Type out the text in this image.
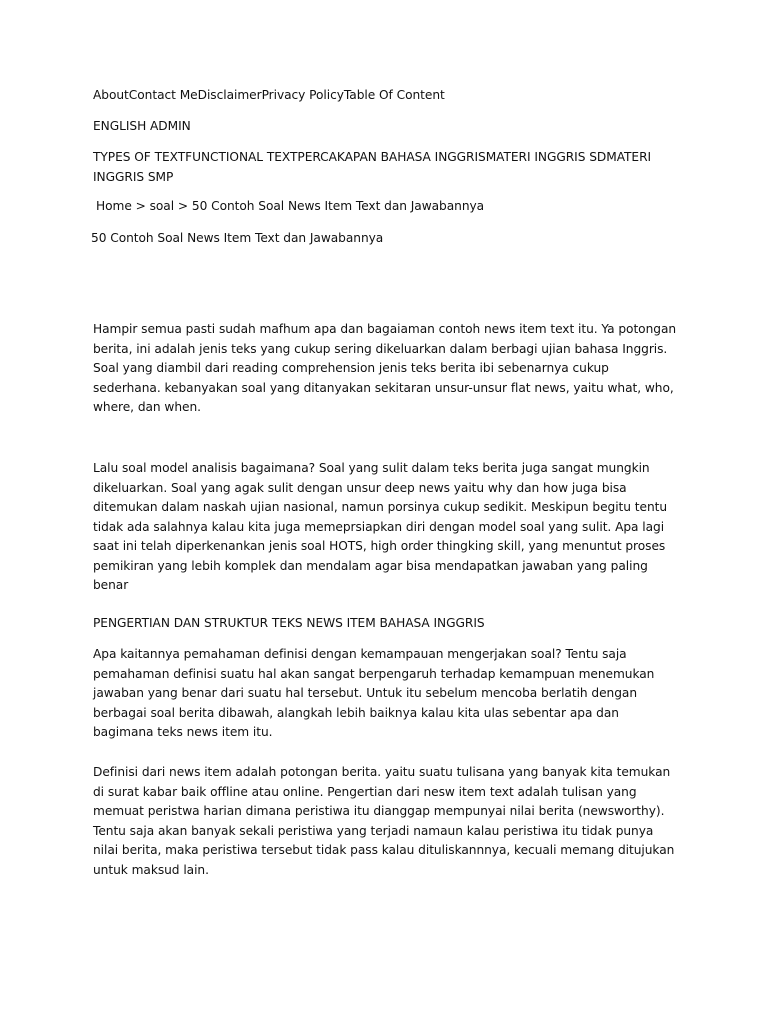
AboutContact MeDisclaimerPrivacy PolicyTable Of Content

ENGLISH ADMIN

TYPES OF TEXTFUNCTIONAL TEXTPERCAKAPAN BAHASA INGGRISMATERI INGGRIS SDMATERI INGGRIS SMP

Home > soal > 50 Contoh Soal News Item Text dan Jawabannya

50 Contoh Soal News Item Text dan Jawabannya

Hampir semua pasti sudah mafhum apa dan bagaiaman contoh news item text itu. Ya potongan berita, ini adalah jenis teks yang cukup sering dikeluarkan dalam berbagi ujian bahasa Inggris. Soal yang diambil dari reading comprehension jenis teks berita ibi sebenarnya cukup sederhana. kebanyakan soal yang ditanyakan sekitaran unsur-unsur flat news, yaitu what, who, where, dan when.

Lalu soal model analisis bagaimana? Soal yang sulit dalam teks berita juga sangat mungkin dikeluarkan. Soal yang agak sulit dengan unsur deep news yaitu why dan how juga bisa ditemukan dalam naskah ujian nasional, namun porsinya cukup sedikit. Meskipun begitu tentu tidak ada salahnya kalau kita juga memeprsiapkan diri dengan model soal yang sulit. Apa lagi saat ini telah diperkenankan jenis soal HOTS, high order thingking skill, yang menuntut proses pemikiran yang lebih komplek dan mendalam agar bisa mendapatkan jawaban yang paling benar

PENGERTIAN DAN STRUKTUR TEKS NEWS ITEM BAHASA INGGRIS

Apa kaitannya pemahaman definisi dengan kemampauan mengerjakan soal? Tentu saja pemahaman definisi suatu hal akan sangat berpengaruh terhadap kemampuan menemukan jawaban yang benar dari suatu hal tersebut. Untuk itu sebelum mencoba berlatih dengan berbagai soal berita dibawah, alangkah lebih baiknya kalau kita ulas sebentar apa dan bagimana teks news item itu.

Definisi dari news item adalah potongan berita. yaitu suatu tulisana yang banyak kita temukan di surat kabar baik offline atau online. Pengertian dari nesw item text adalah tulisan yang memuat peristwa harian dimana peristiwa itu dianggap mempunyai nilai berita (newsworthy). Tentu saja akan banyak sekali peristiwa yang terjadi namaun kalau peristiwa itu tidak punya nilai berita, maka peristiwa tersebut tidak pass kalau dituliskannnya, kecuali memang ditujukan untuk maksud lain.
